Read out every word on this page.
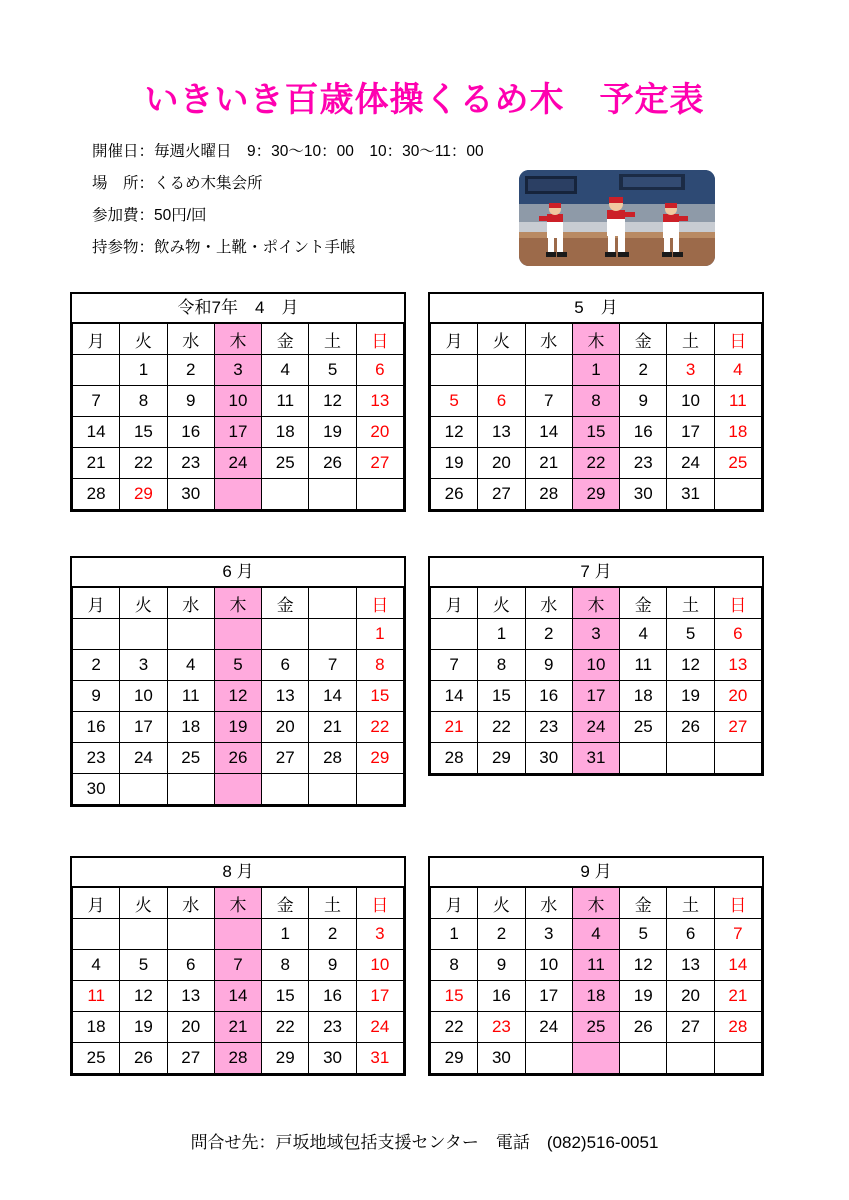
いきいき百歳体操くるめ木　予定表
開催日：毎週火曜日　9：30～10：00　10：30～11：00
場　所：くるめ木集会所
参加費：50円/回
持参物：飲み物・上靴・ポイント手帳
令和7年　4　月
月	火	水	木	金	土	日
	1	2	3	4	5	6
7	8	9	10	11	12	13
14	15	16	17	18	19	20
21	22	23	24	25	26	27
28	29	30				
5　月
月	火	水	木	金	土	日
			1	2	3	4
5	6	7	8	9	10	11
12	13	14	15	16	17	18
19	20	21	22	23	24	25
26	27	28	29	30	31	
6 月
月	火	水	木	金		日
						1
2	3	4	5	6	7	8
9	10	11	12	13	14	15
16	17	18	19	20	21	22
23	24	25	26	27	28	29
30						
7 月
月	火	水	木	金	土	日
	1	2	3	4	5	6
7	8	9	10	11	12	13
14	15	16	17	18	19	20
21	22	23	24	25	26	27
28	29	30	31			
8 月
月	火	水	木	金	土	日
				1	2	3
4	5	6	7	8	9	10
11	12	13	14	15	16	17
18	19	20	21	22	23	24
25	26	27	28	29	30	31
9 月
月	火	水	木	金	土	日
1	2	3	4	5	6	7
8	9	10	11	12	13	14
15	16	17	18	19	20	21
22	23	24	25	26	27	28
29	30					
問合せ先：戸坂地域包括支援センター　電話　(082)516-0051
